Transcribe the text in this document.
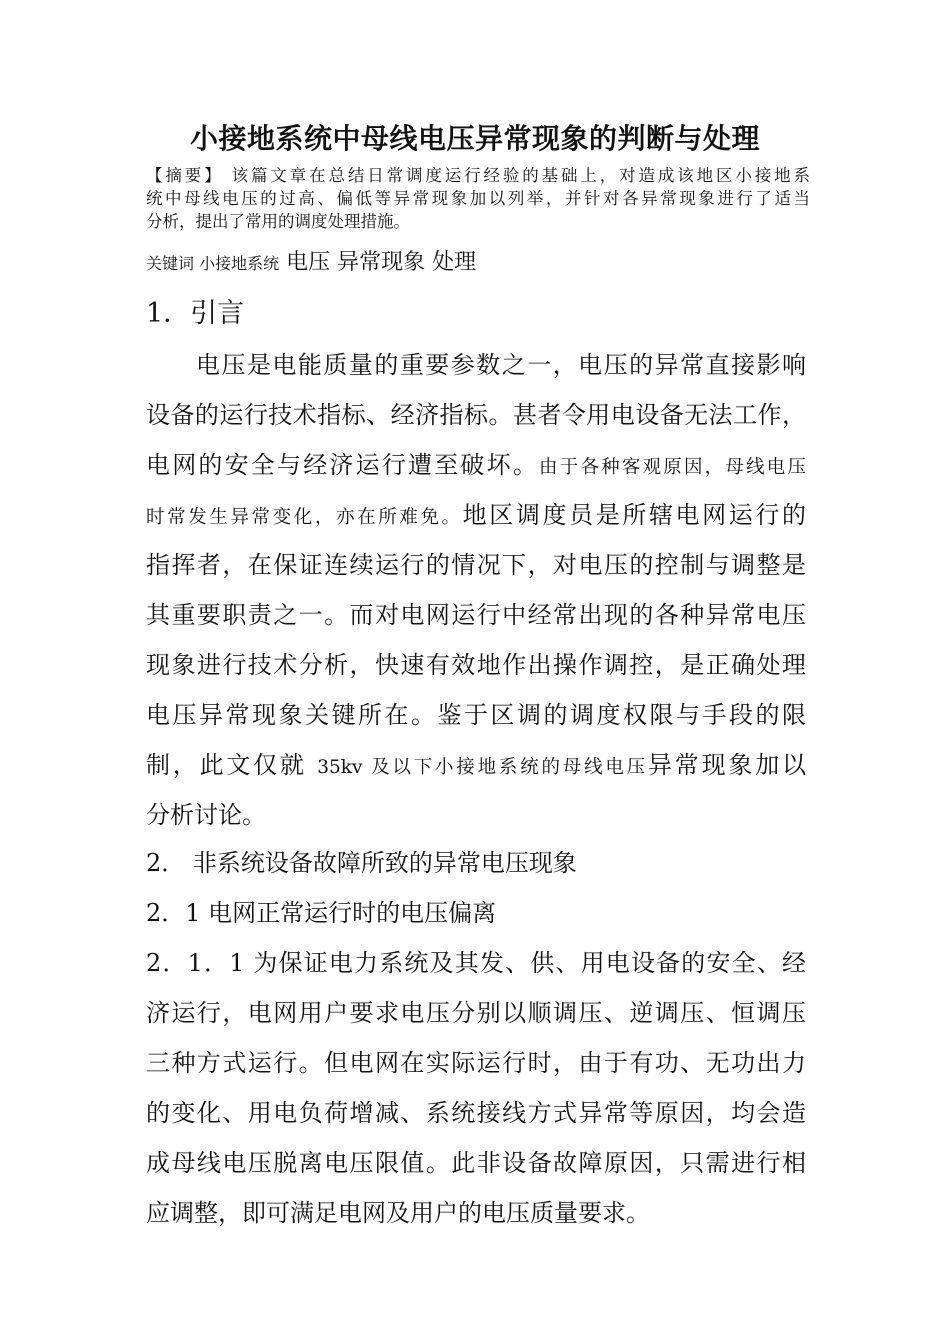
小接地系统中母线电压异常现象的判断与处理
【摘要】 该篇文章在总结日常调度运行经验的基础上，对造成该地区小接地系
统中母线电压的过高、偏低等异常现象加以列举，并针对各异常现象进行了适当
分析，提出了常用的调度处理措施。
关键词 小接地系统 电压 异常现象 处理
1．引言
电压是电能质量的重要参数之一，电压的异常直接影响
设备的运行技术指标、经济指标。甚者令用电设备无法工作，
电网的安全与经济运行遭至破坏。由于各种客观原因，母线电压
时常发生异常变化，亦在所难免。地区调度员是所辖电网运行的
指挥者，在保证连续运行的情况下，对电压的控制与调整是
其重要职责之一。而对电网运行中经常出现的各种异常电压
现象进行技术分析，快速有效地作出操作调控，是正确处理
电压异常现象关键所在。鉴于区调的调度权限与手段的限
制，此文仅就 35kv 及以下小接地系统的母线电压异常现象加以
分析讨论。
2． 非系统设备故障所致的异常电压现象
2．1 电网正常运行时的电压偏离
2．1．1 为保证电力系统及其发、供、用电设备的安全、经
济运行，电网用户要求电压分别以顺调压、逆调压、恒调压
三种方式运行。但电网在实际运行时，由于有功、无功出力
的变化、用电负荷增减、系统接线方式异常等原因，均会造
成母线电压脱离电压限值。此非设备故障原因，只需进行相
应调整，即可满足电网及用户的电压质量要求。
